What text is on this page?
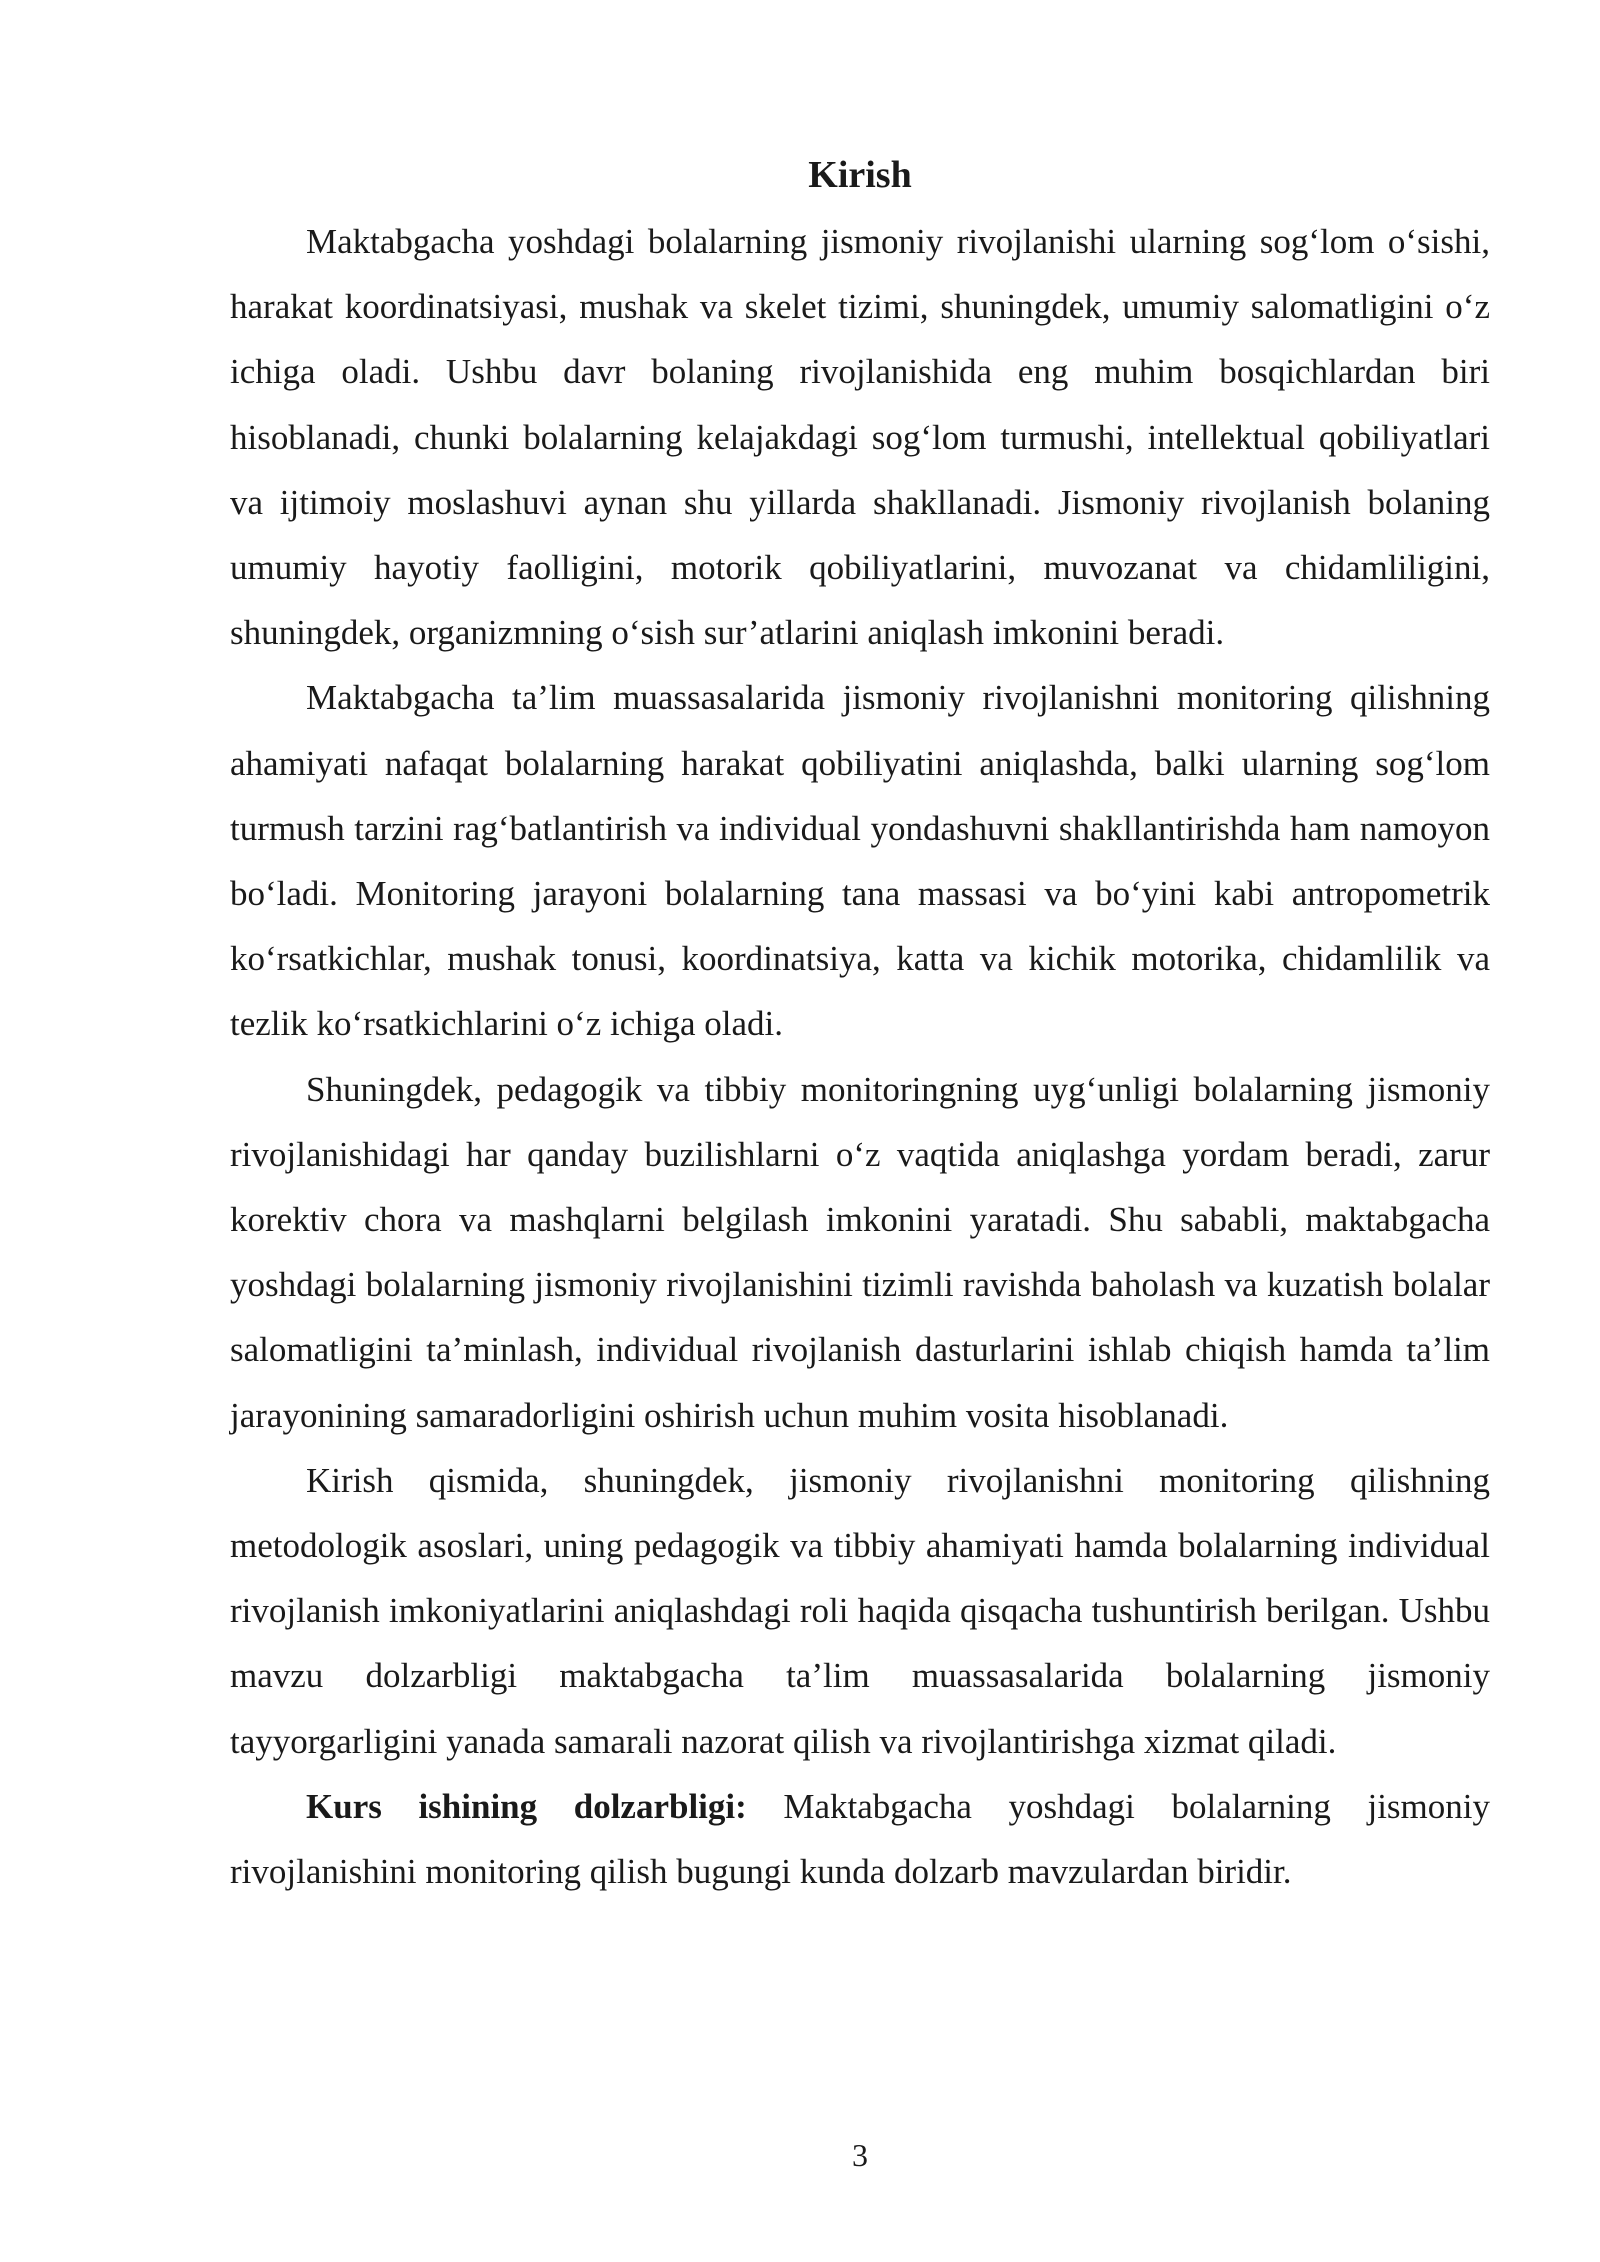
Kirish

Maktabgacha yoshdagi bolalarning jismoniy rivojlanishi ularning sog‘lom o‘sishi, harakat koordinatsiyasi, mushak va skelet tizimi, shuningdek, umumiy salomatligini o‘z ichiga oladi. Ushbu davr bolaning rivojlanishida eng muhim bosqichlardan biri hisoblanadi, chunki bolalarning kelajakdagi sog‘lom turmushi, intellektual qobiliyatlari va ijtimoiy moslashuvi aynan shu yillarda shakllanadi. Jismoniy rivojlanish bolaning umumiy hayotiy faolligini, motorik qobiliyatlarini, muvozanat va chidamliligini, shuningdek, organizmning o‘sish sur’atlarini aniqlash imkonini beradi.

Maktabgacha ta’lim muassasalarida jismoniy rivojlanishni monitoring qilishning ahamiyati nafaqat bolalarning harakat qobiliyatini aniqlashda, balki ularning sog‘lom turmush tarzini rag‘batlantirish va individual yondashuvni shakllantirishda ham namoyon bo‘ladi. Monitoring jarayoni bolalarning tana massasi va bo‘yini kabi antropometrik ko‘rsatkichlar, mushak tonusi, koordinatsiya, katta va kichik motorika, chidamlilik va tezlik ko‘rsatkichlarini o‘z ichiga oladi.

Shuningdek, pedagogik va tibbiy monitoringning uyg‘unligi bolalarning jismoniy rivojlanishidagi har qanday buzilishlarni o‘z vaqtida aniqlashga yordam beradi, zarur korektiv chora va mashqlarni belgilash imkonini yaratadi. Shu sababli, maktabgacha yoshdagi bolalarning jismoniy rivojlanishini tizimli ravishda baholash va kuzatish bolalar salomatligini ta’minlash, individual rivojlanish dasturlarini ishlab chiqish hamda ta’lim jarayonining samaradorligini oshirish uchun muhim vosita hisoblanadi.

Kirish qismida, shuningdek, jismoniy rivojlanishni monitoring qilishning metodologik asoslari, uning pedagogik va tibbiy ahamiyati hamda bolalarning individual rivojlanish imkoniyatlarini aniqlashdagi roli haqida qisqacha tushuntirish berilgan. Ushbu mavzu dolzarbligi maktabgacha ta’lim muassasalarida bolalarning jismoniy tayyorgarligini yanada samarali nazorat qilish va rivojlantirishga xizmat qiladi.

Kurs ishining dolzarbligi: Maktabgacha yoshdagi bolalarning jismoniy rivojlanishini monitoring qilish bugungi kunda dolzarb mavzulardan biridir.

3
